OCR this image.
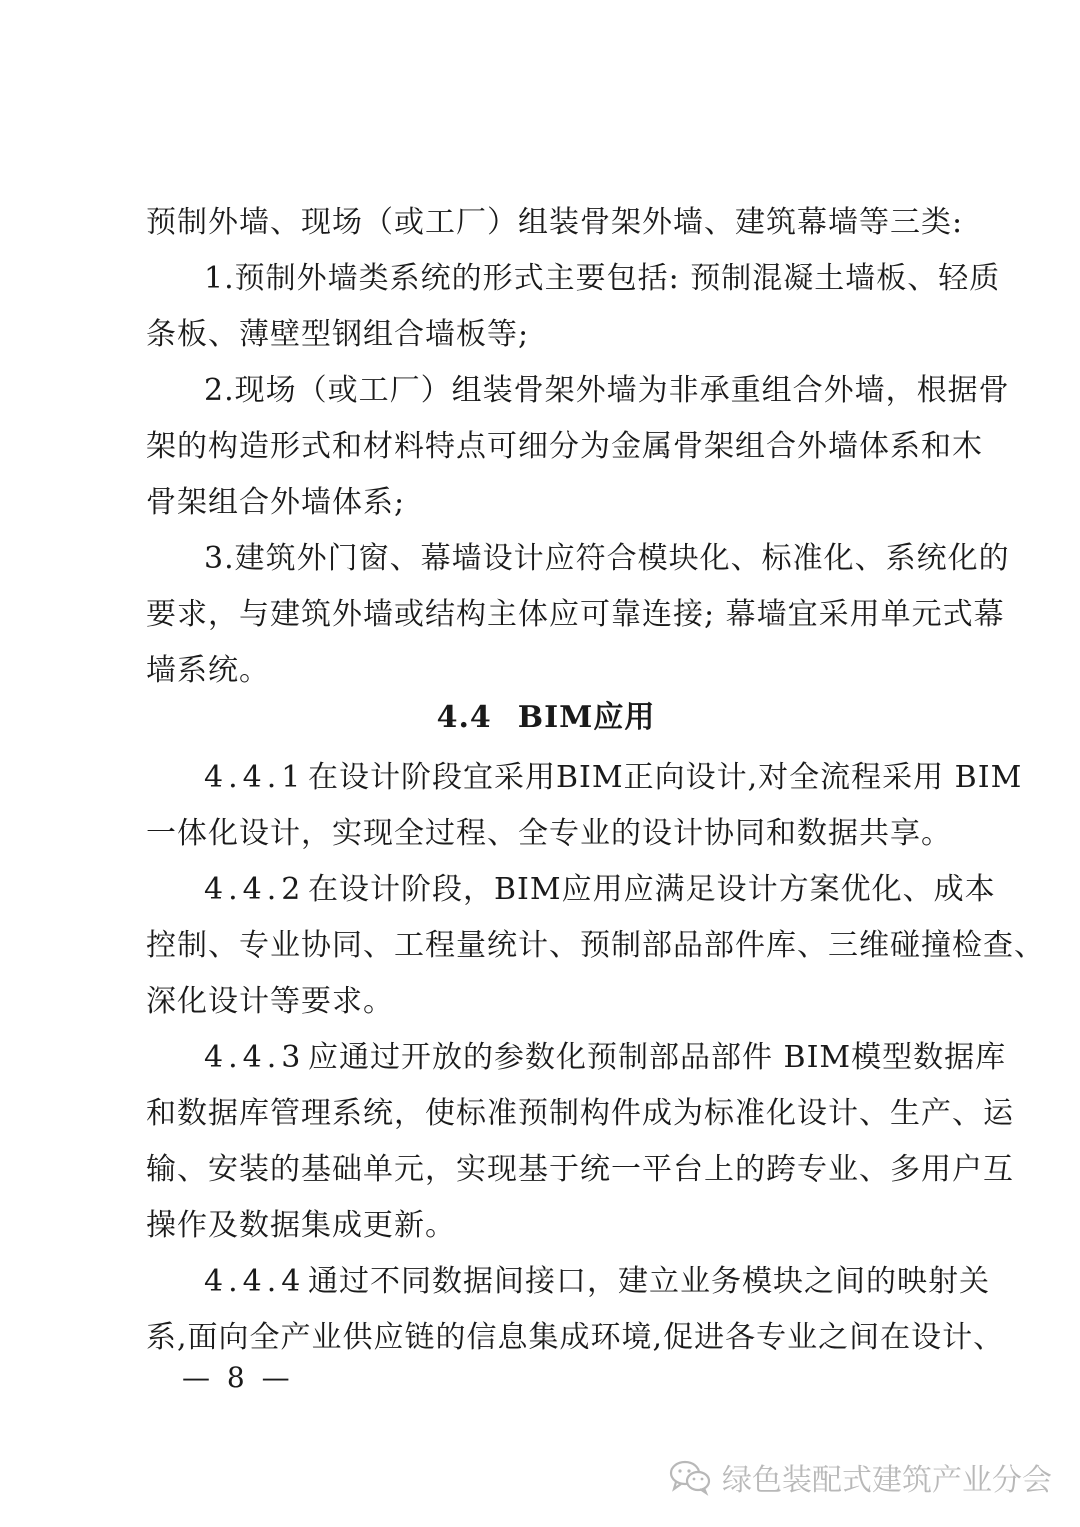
预制外墙、现场（或工厂）组装骨架外墙、建筑幕墙等三类:
1.预制外墙类系统的形式主要包括: 预制混凝土墙板、轻质
条板、薄壁型钢组合墙板等;
2.现场（或工厂）组装骨架外墙为非承重组合外墙，根据骨
架的构造形式和材料特点可细分为金属骨架组合外墙体系和木
骨架组合外墙体系;
3.建筑外门窗、幕墙设计应符合模块化、标准化、系统化的
要求，与建筑外墙或结构主体应可靠连接; 幕墙宜采用单元式幕
墙系统。
4.4 BIM应用
4.4.1在设计阶段宜采用BIM正向设计,对全流程采用 BIM
一体化设计，实现全过程、全专业的设计协同和数据共享。
4.4.2在设计阶段，BIM应用应满足设计方案优化、成本
控制、专业协同、工程量统计、预制部品部件库、三维碰撞检查、
深化设计等要求。
4.4.3应通过开放的参数化预制部品部件 BIM模型数据库
和数据库管理系统，使标准预制构件成为标准化设计、生产、运
输、安装的基础单元，实现基于统一平台上的跨专业、多用户互
操作及数据集成更新。
4.4.4通过不同数据间接口，建立业务模块之间的映射关
系,面向全产业供应链的信息集成环境,促进各专业之间在设计、
— 8 —
绿色装配式建筑产业分会
